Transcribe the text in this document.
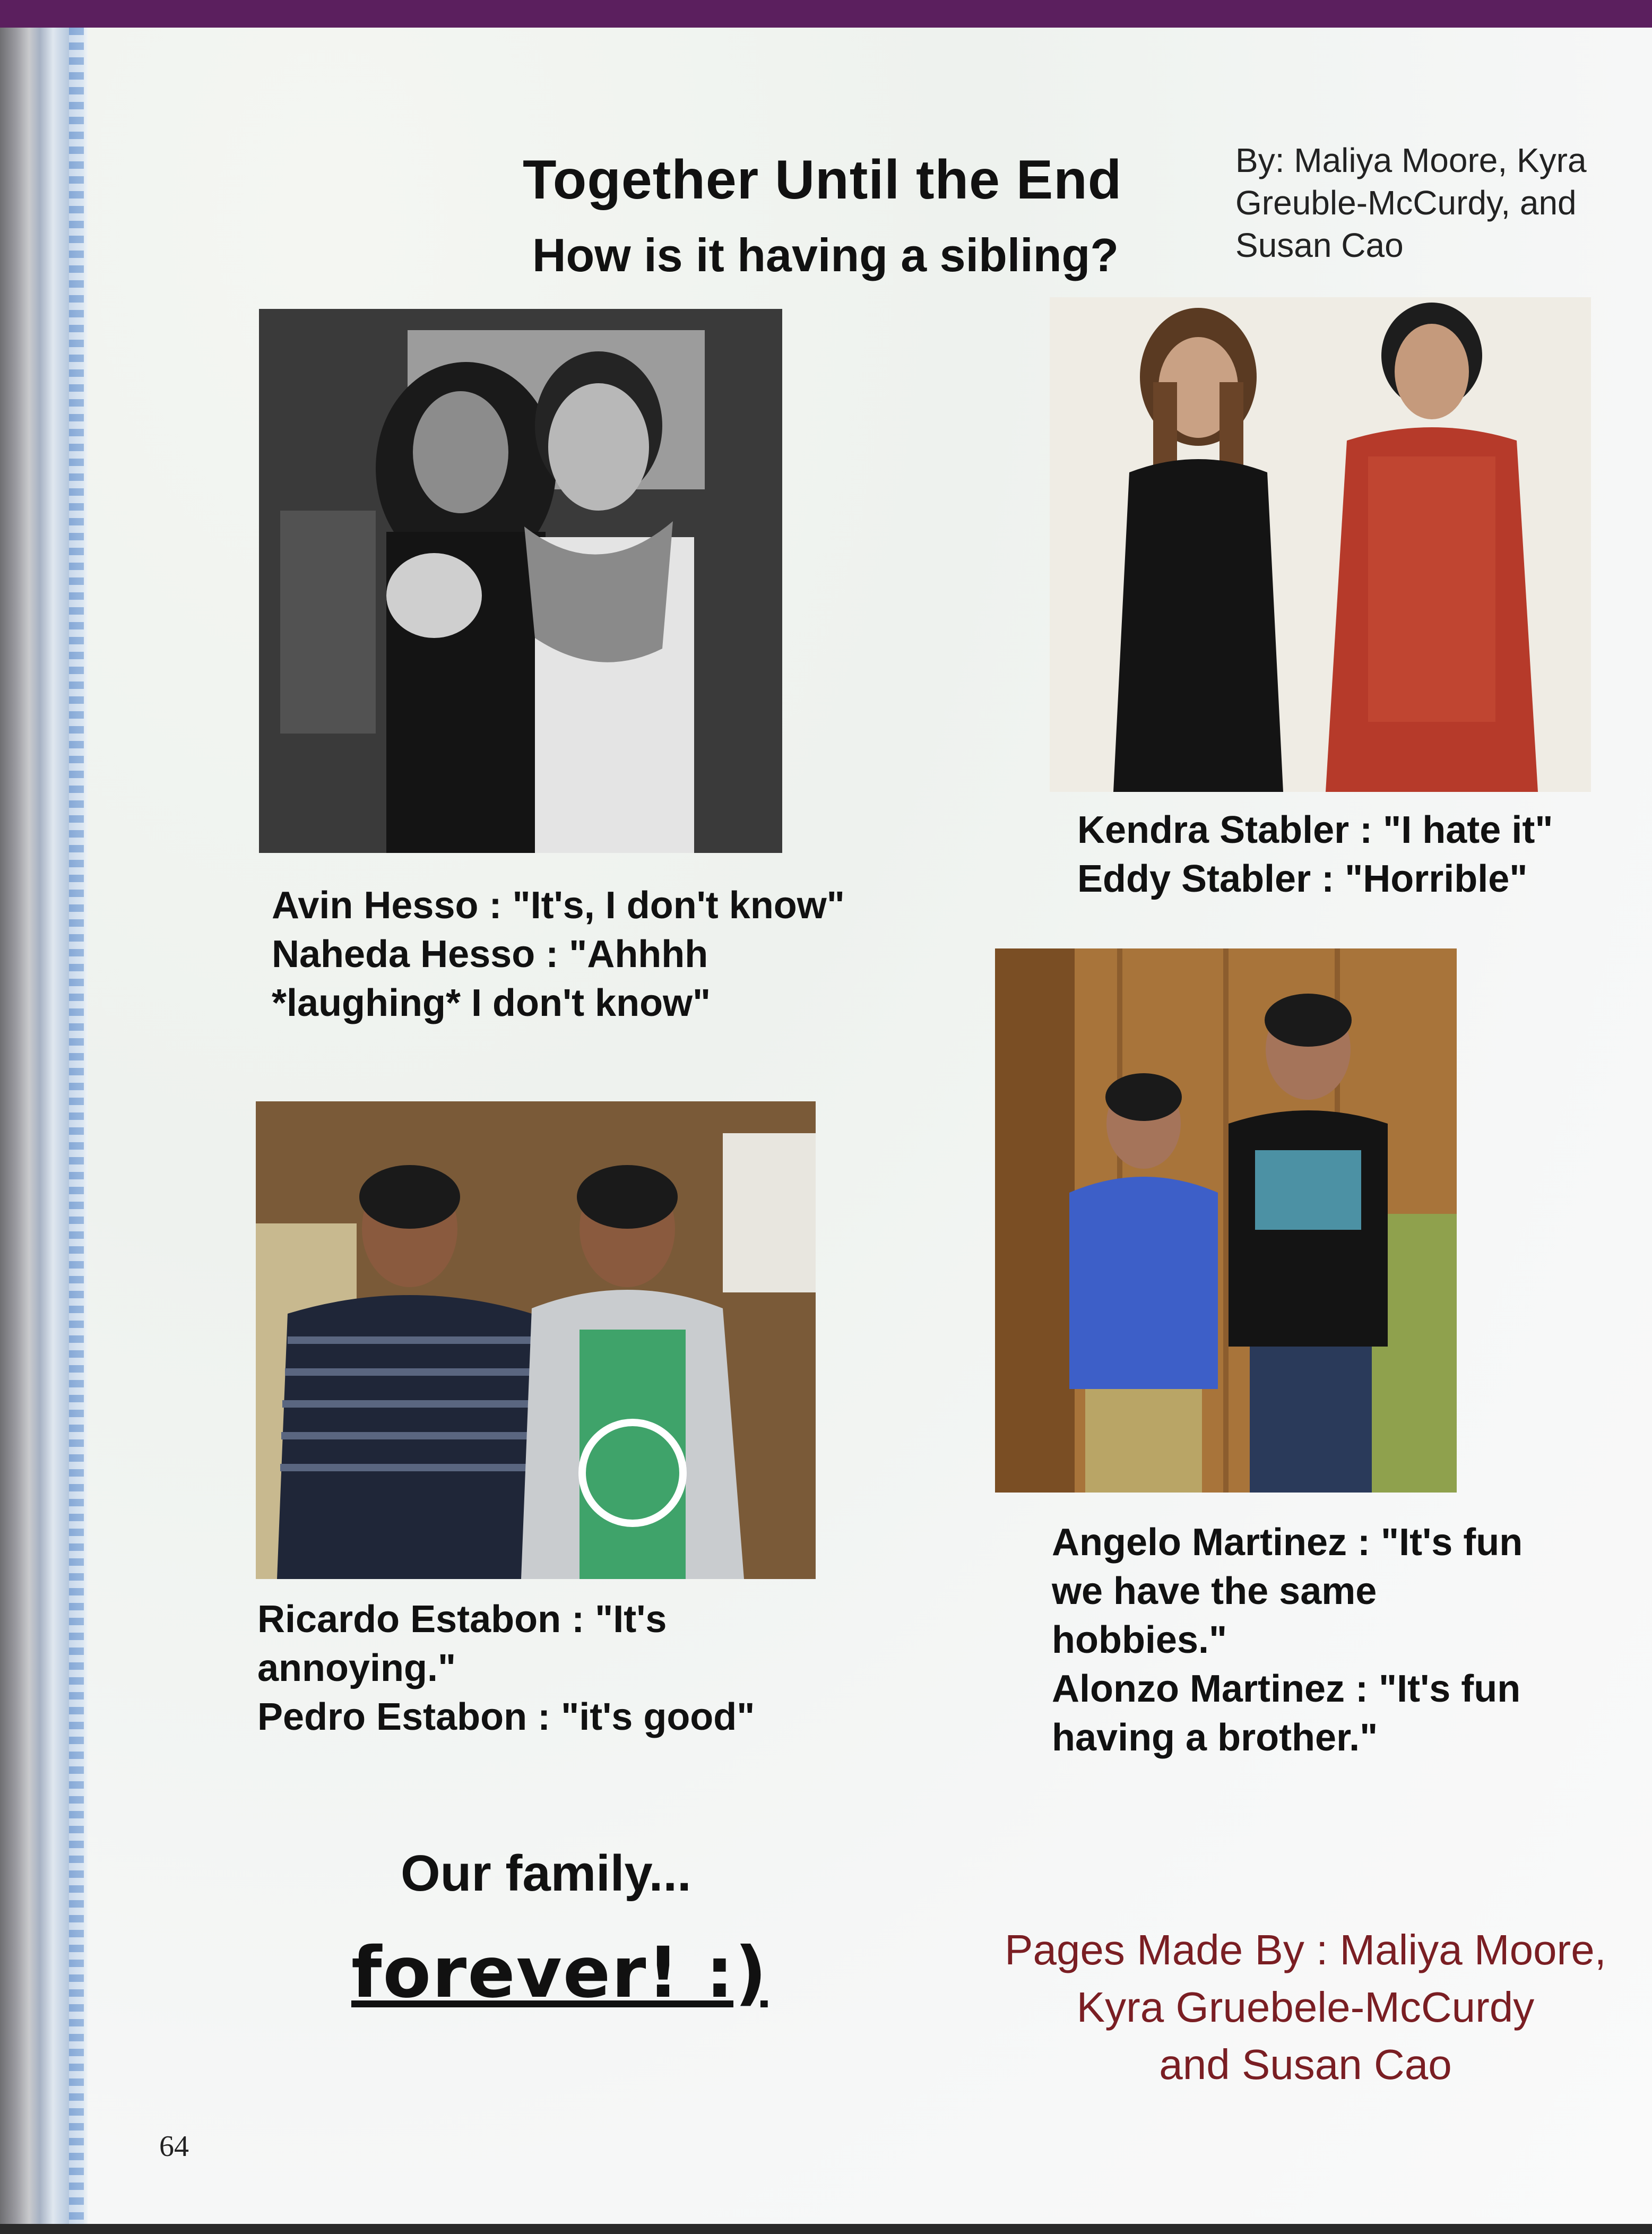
Together Until the End
How is it having a sibling?

By: Maliya Moore, Kyra Greuble-McCurdy, and Susan Cao

Avin Hesso : "It's, I don't know"
Naheda Hesso : "Ahhhh
*laughing* I don't know"
Kendra Stabler : "I hate it"
Eddy Stabler : "Horrible"
Ricardo Estabon : "It's
annoying."
Pedro Estabon : "it's good"
Angelo Martinez : "It's fun
we have the same
hobbies."
Alonzo Martinez : "It's fun
having a brother."
Our family...
forever! :)	Pages Made By : Maliya Moore,
Kyra Gruebele-McCurdy
and Susan Cao
64
